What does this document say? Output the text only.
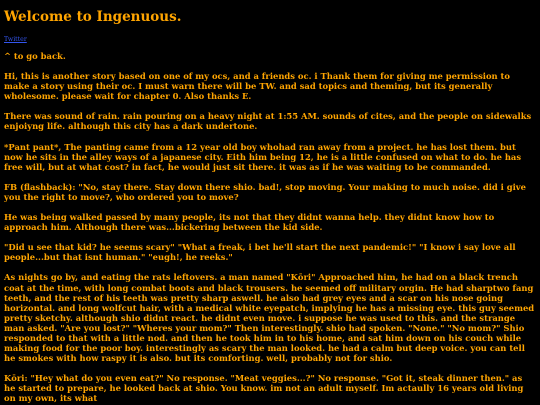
Welcome to Ingenuous.
Twitter

^ to go back.

Hi, this is another story based on one of my ocs, and a friends oc. i Thank them for giving me permission to make a story using their oc. I must warn there will be TW. and sad topics and theming, but its generally wholesome. please wait for chapter 0. Also thanks E.

There was sound of rain. rain pouring on a heavy night at 1:55 AM. sounds of cites, and the people on sidewalks enjoiyng life. although this city has a dark undertone.

*Pant pant*, The panting came from a 12 year old boy whohad ran away from a project. he has lost them. but now he sits in the alley ways of a japanese city. Eith him being 12, he is a little confused on what to do. he has free will, but at what cost? in fact, he would just sit there. it was as if he was waiting to be commanded.

FB (flashback): "No, stay there. Stay down there shio. bad!, stop moving. Your making to much noise. did i give you the right to move?, who ordered you to move?

He was being walked passed by many people, its not that they didnt wanna help. they didnt know how to approach him. Although there was...bickering between the kid side.

"Did u see that kid? he seems scary" "What a freak, i bet he'll start the next pandemic!" "I know i say love all people...but that isnt human." "eugh!, he reeks."

As nights go by, and eating the rats leftovers. a man named "Kōri" Approached him, he had on a black trench coat at the time, with long combat boots and black trousers. he seemed off military orgin. He had sharptwo fang teeth, and the rest of his teeth was pretty sharp aswell. he also had grey eyes and a scar on his nose going horizontal. and long wolfcut hair, with a medical white eyepatch, implying he has a missing eye. this guy seemed pretty sketchy. although shio didnt react. he didnt even move. i suppose he was used to this. and the strange man asked. "Are you lost?" "Wheres your mom?" Then interestingly. shio had spoken. "None." "No mom?" Shio responded to that with a little nod. and then he took him in to his home, and sat him down on his couch while making food for the poor boy. interestingly as scary the man looked. he had a calm but deep voice. you can tell he smokes with how raspy it is also. but its comforting. well, probably not for shio.

Kōri: "Hey what do you even eat?" No response. "Meat veggies...?" No response. "Got it, steak dinner then." as he started to prepare, he looked back at shio. You know. im not an adult myself. Im actaully 16 years old living on my own, its what
